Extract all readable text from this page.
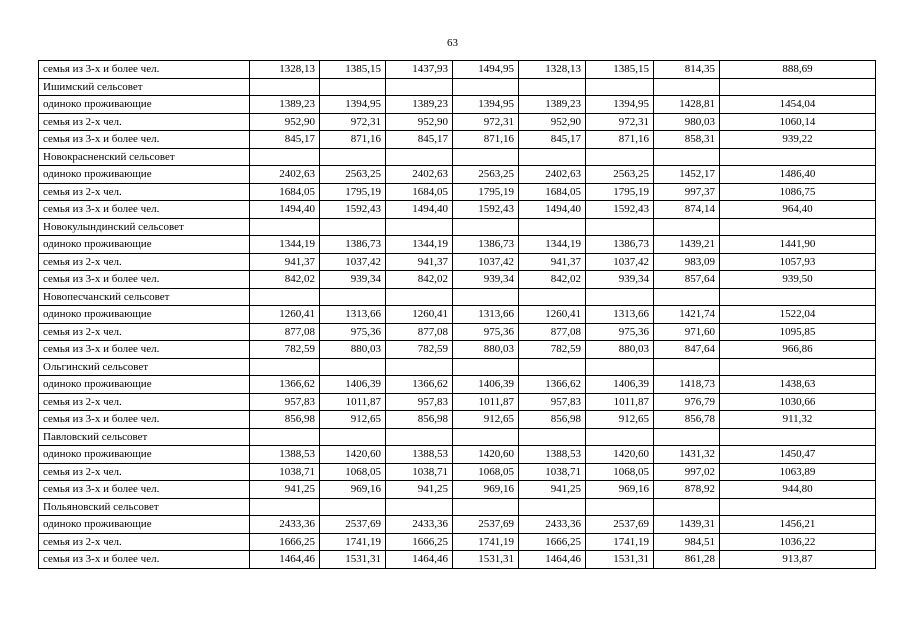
63
семья из 3-х и более чел.	1328,13	1385,15	1437,93	1494,95	1328,13	1385,15	814,35	888,69
Ишимский сельсовет								
одиноко проживающие	1389,23	1394,95	1389,23	1394,95	1389,23	1394,95	1428,81	1454,04
семья из 2-х чел.	952,90	972,31	952,90	972,31	952,90	972,31	980,03	1060,14
семья из 3-х и более чел.	845,17	871,16	845,17	871,16	845,17	871,16	858,31	939,22
Новокрасненский сельсовет								
одиноко проживающие	2402,63	2563,25	2402,63	2563,25	2402,63	2563,25	1452,17	1486,40
семья из 2-х чел.	1684,05	1795,19	1684,05	1795,19	1684,05	1795,19	997,37	1086,75
семья из 3-х и более чел.	1494,40	1592,43	1494,40	1592,43	1494,40	1592,43	874,14	964,40
Новокулындинский сельсовет								
одиноко проживающие	1344,19	1386,73	1344,19	1386,73	1344,19	1386,73	1439,21	1441,90
семья из 2-х чел.	941,37	1037,42	941,37	1037,42	941,37	1037,42	983,09	1057,93
семья из 3-х и более чел.	842,02	939,34	842,02	939,34	842,02	939,34	857,64	939,50
Новопесчанский сельсовет								
одиноко проживающие	1260,41	1313,66	1260,41	1313,66	1260,41	1313,66	1421,74	1522,04
семья из 2-х чел.	877,08	975,36	877,08	975,36	877,08	975,36	971,60	1095,85
семья из 3-х и более чел.	782,59	880,03	782,59	880,03	782,59	880,03	847,64	966,86
Ольгинский сельсовет								
одиноко проживающие	1366,62	1406,39	1366,62	1406,39	1366,62	1406,39	1418,73	1438,63
семья из 2-х чел.	957,83	1011,87	957,83	1011,87	957,83	1011,87	976,79	1030,66
семья из 3-х и более чел.	856,98	912,65	856,98	912,65	856,98	912,65	856,78	911,32
Павловский сельсовет								
одиноко проживающие	1388,53	1420,60	1388,53	1420,60	1388,53	1420,60	1431,32	1450,47
семья из 2-х чел.	1038,71	1068,05	1038,71	1068,05	1038,71	1068,05	997,02	1063,89
семья из 3-х и более чел.	941,25	969,16	941,25	969,16	941,25	969,16	878,92	944,80
Польяновский сельсовет								
одиноко проживающие	2433,36	2537,69	2433,36	2537,69	2433,36	2537,69	1439,31	1456,21
семья из 2-х чел.	1666,25	1741,19	1666,25	1741,19	1666,25	1741,19	984,51	1036,22
семья из 3-х и более чел.	1464,46	1531,31	1464,46	1531,31	1464,46	1531,31	861,28	913,87
